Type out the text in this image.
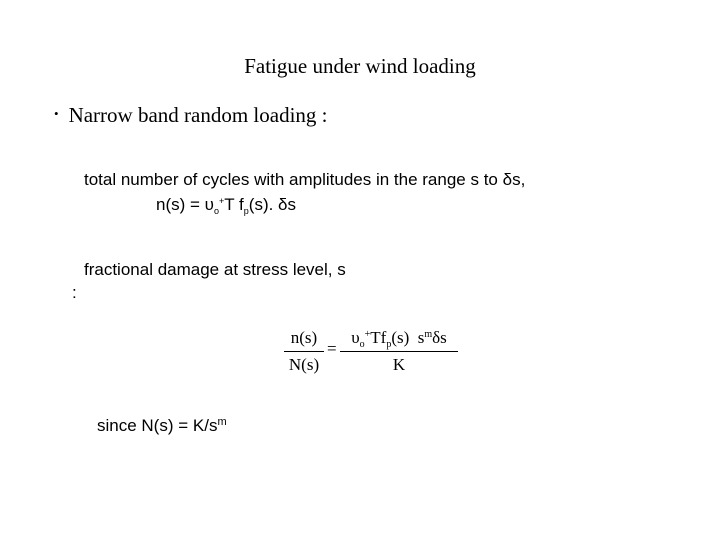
Fatigue under wind loading
• Narrow band random loading :
total number of cycles with amplitudes in the range s to δs,
$n(s) = \upsilon_o^+T$ $f_p(s)$. δs
fractional damage at stress level, s
:
n(s)
N(s)
=
$\upsilon_o^+Tf_p(s)$  $s^m\delta s$
K
since $N(s) = K/s^m$
